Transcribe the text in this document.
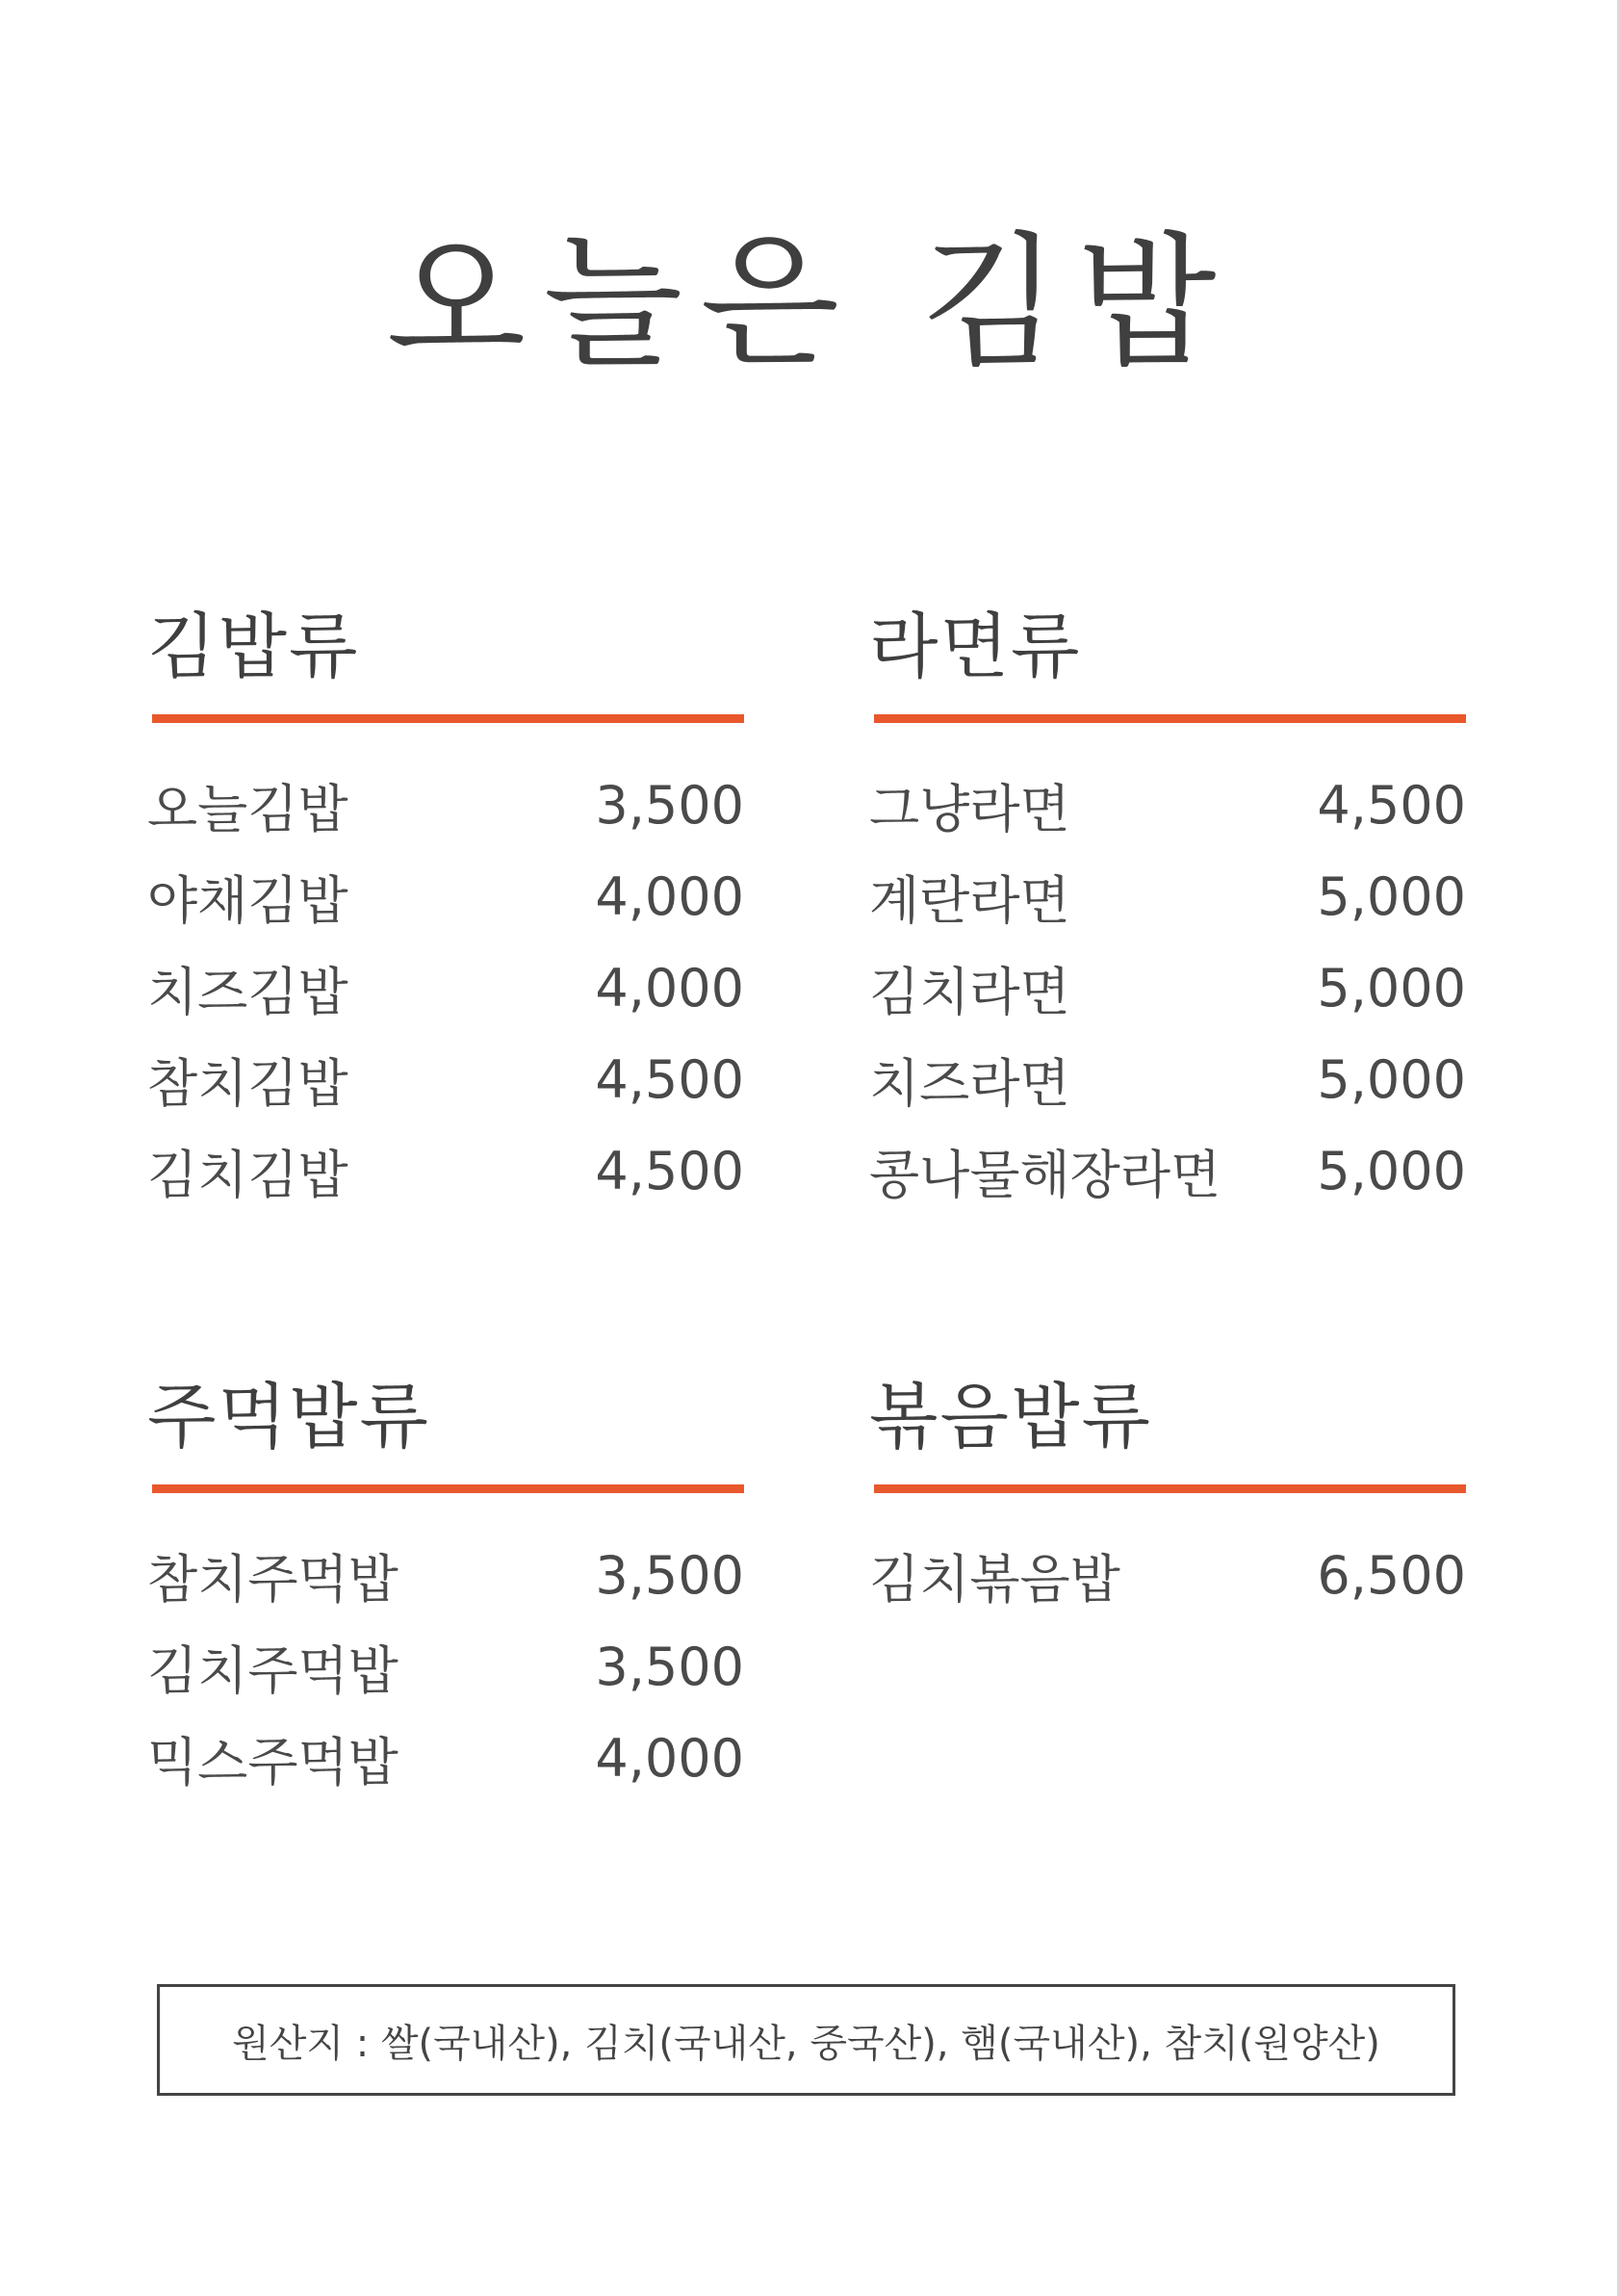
오늘은 김밥
김밥류
오늘김밥	3,500
야채김밥	4,000
치즈김밥	4,000
참치김밥	4,500
김치김밥	4,500
라면류
그냥라면	4,500
계란라면	5,000
김치라면	5,000
치즈라면	5,000
콩나물해장라면 5,000
주먹밥류
참치주먹밥	3,500
김치주먹밥	3,500
믹스주먹밥	4,000
볶음밥류
김치볶음밥	6,500
원산지 : 쌀(국내산), 김치(국내산, 중국산), 햄(국내산), 참치(원양산)
